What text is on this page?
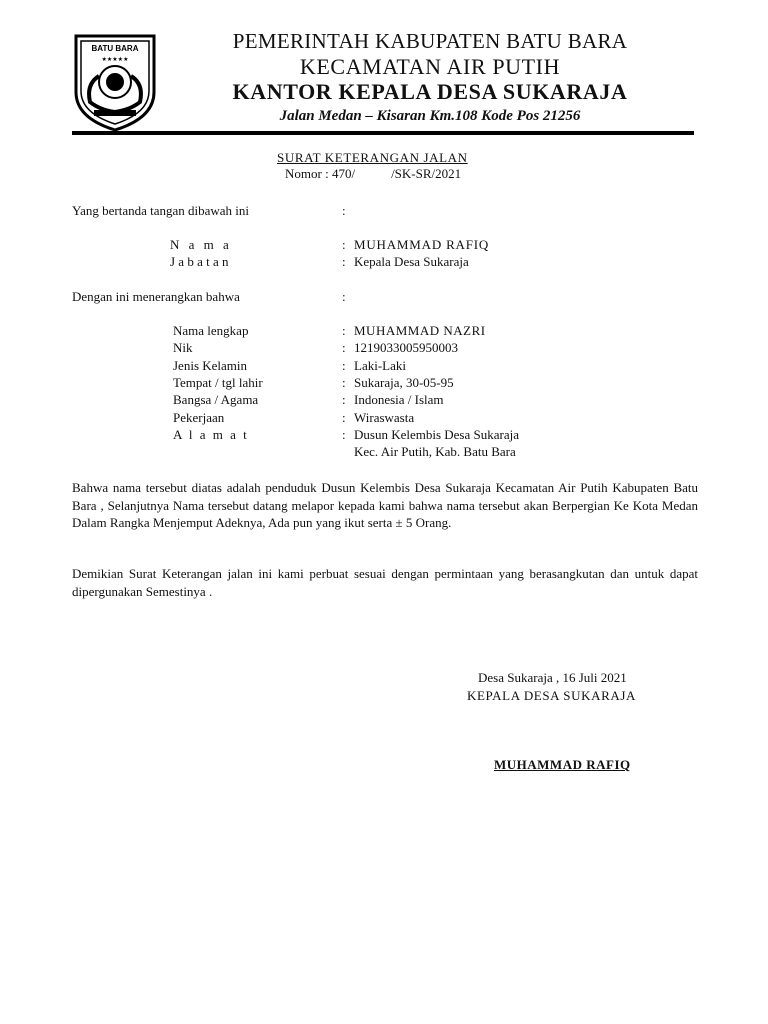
BATU BARA
★★★★★
PEMERINTAH KABUPATEN BATU BARA
KECAMATAN AIR PUTIH
KANTOR KEPALA DESA SUKARAJA
Jalan Medan – Kisaran Km.108 Kode Pos 21256
SURAT KETERANGAN JALAN
Nomor : 470/	/SK-SR/2021
Yang bertanda tangan dibawah ini	:
N a m a	: MUHAMMAD RAFIQ
J a b a t a n	: Kepala Desa Sukaraja
Dengan ini menerangkan bahwa	:
Nama lengkap	: MUHAMMAD NAZRI
Nik	: 1219033005950003
Jenis Kelamin	: Laki-Laki
Tempat / tgl lahir	: Sukaraja, 30-05-95
Bangsa / Agama	: Indonesia / Islam
Pekerjaan	: Wiraswasta
A l a m a t	: Dusun Kelembis Desa Sukaraja
Kec. Air Putih, Kab. Batu Bara
Bahwa nama tersebut diatas adalah penduduk Dusun Kelembis Desa Sukaraja Kecamatan Air Putih Kabupaten Batu Bara , Selanjutnya Nama tersebut datang melapor kepada kami bahwa nama tersebut akan Berpergian Ke Kota Medan Dalam Rangka Menjemput Adeknya, Ada pun yang ikut serta ± 5 Orang.
Demikian Surat Keterangan jalan ini kami perbuat sesuai dengan permintaan yang berasangkutan dan untuk dapat dipergunakan Semestinya .
Desa Sukaraja , 16 Juli 2021
KEPALA DESA SUKARAJA
MUHAMMAD RAFIQ
